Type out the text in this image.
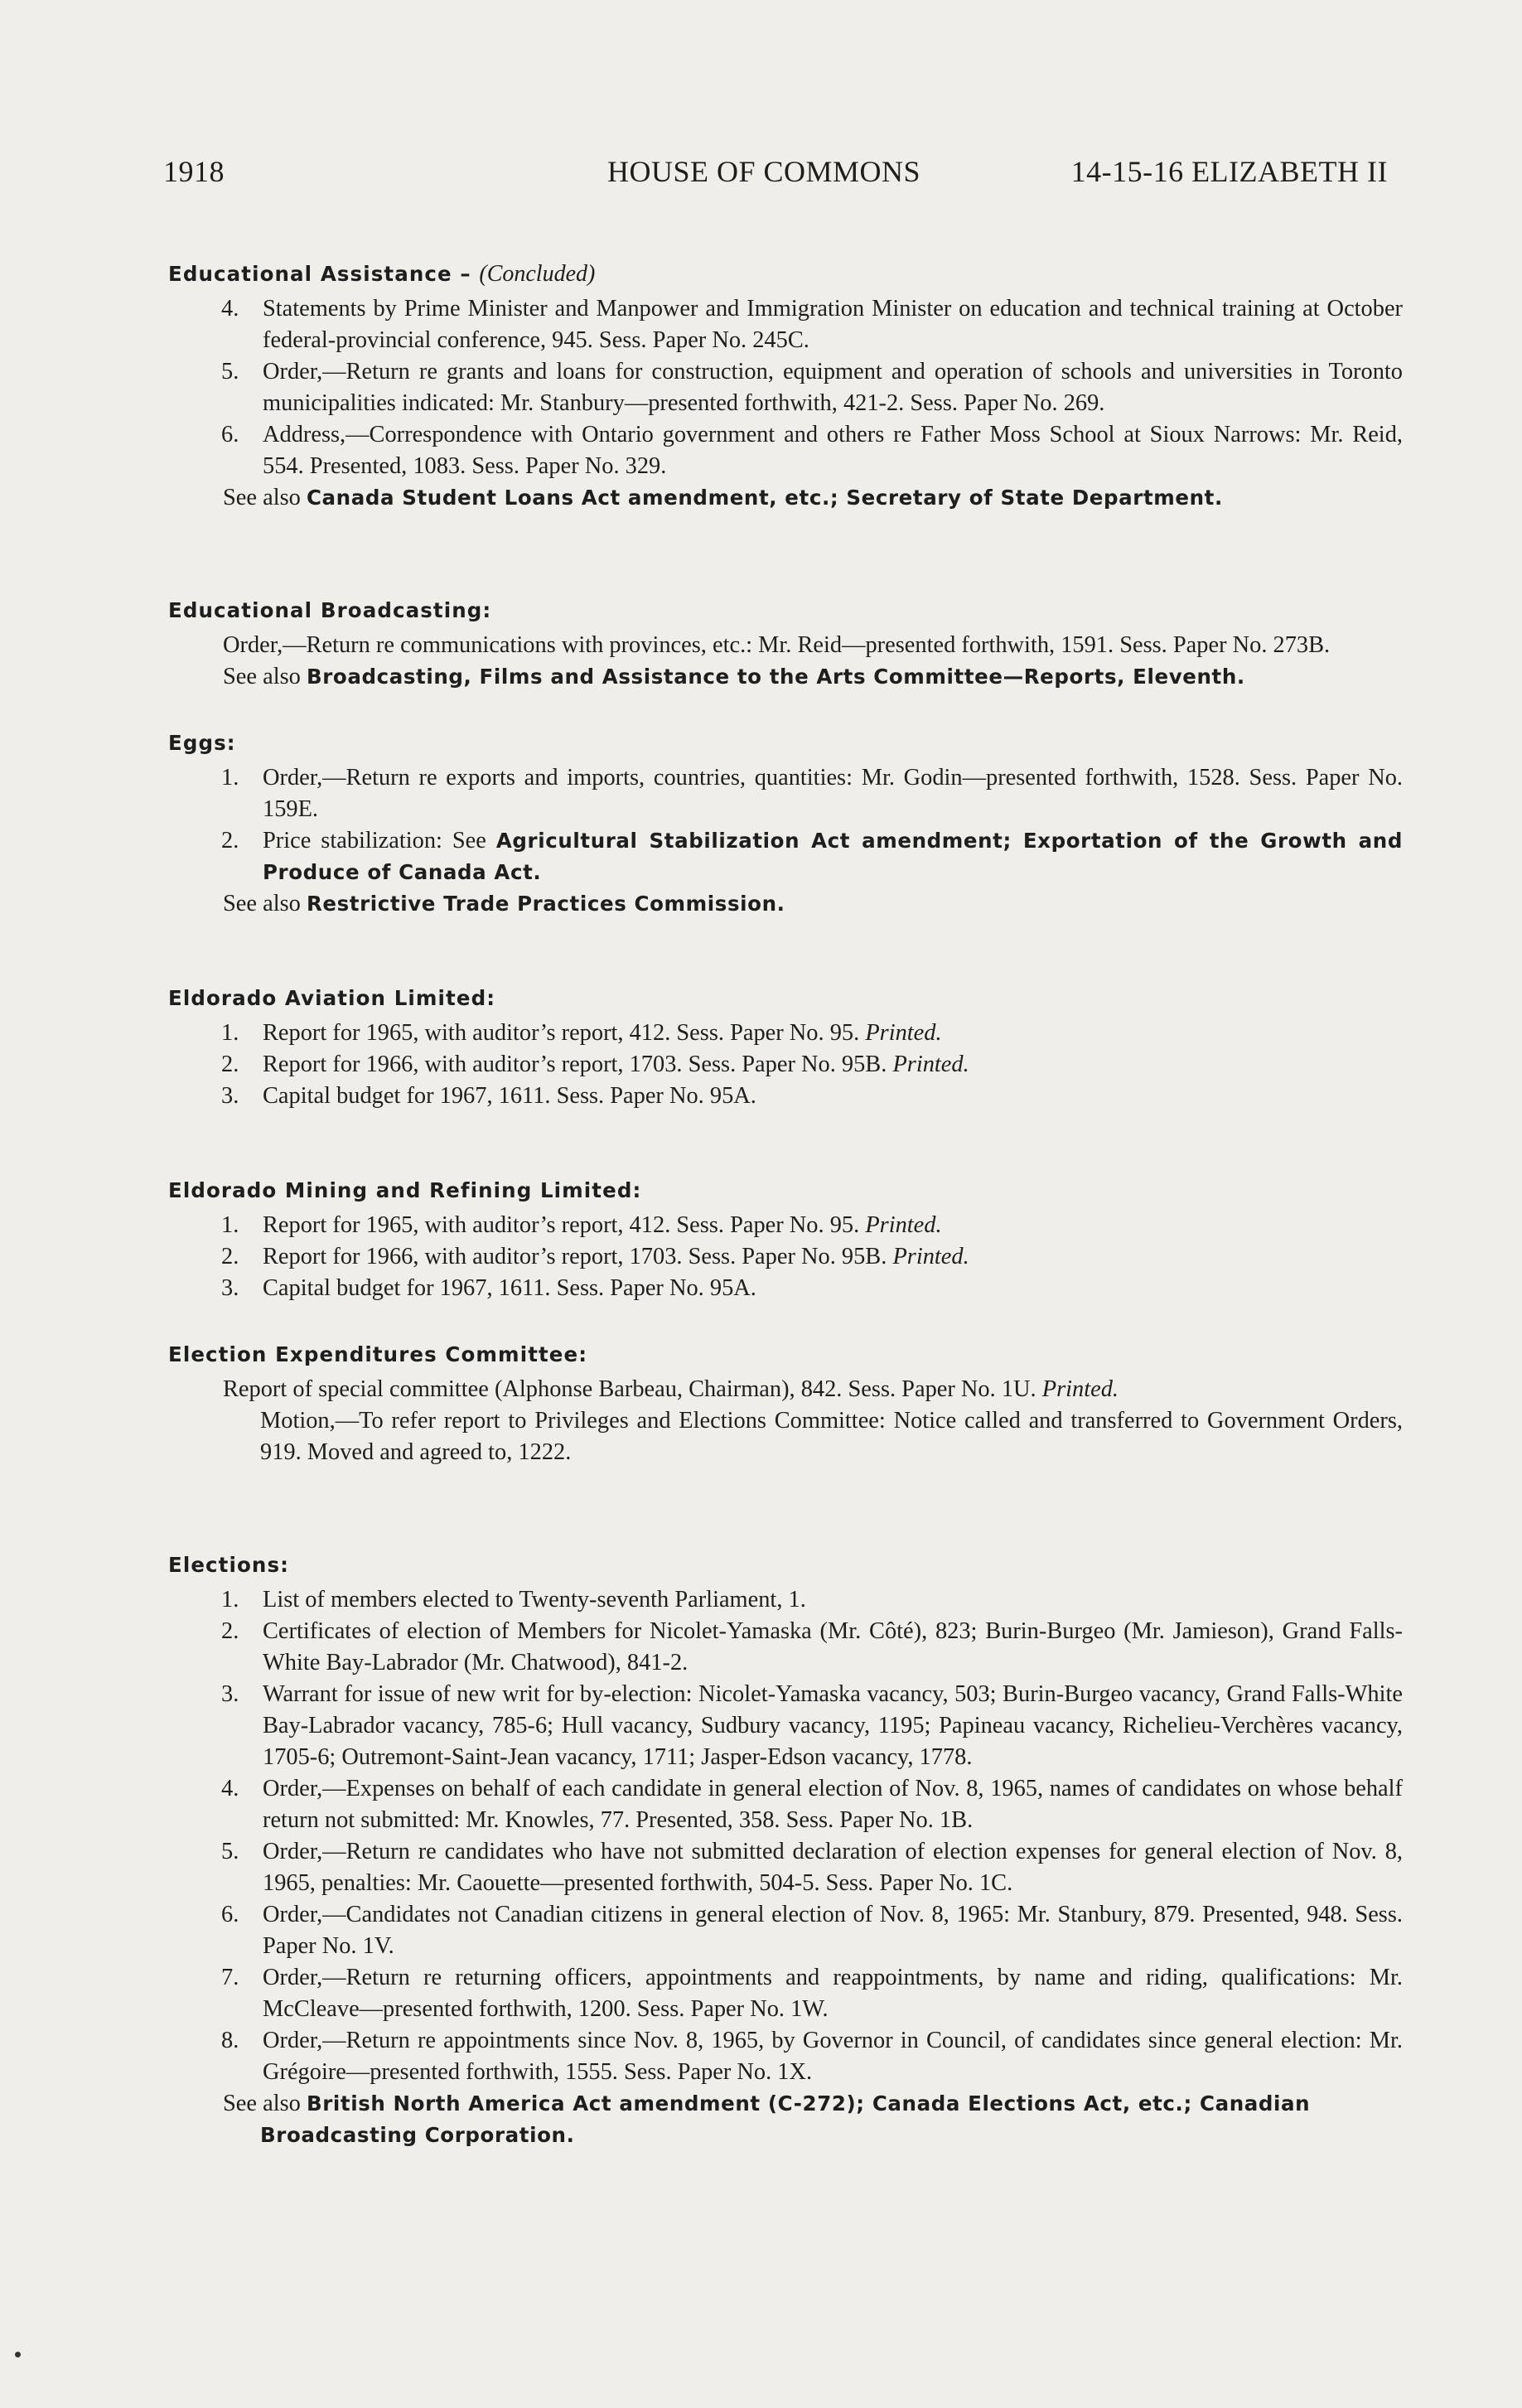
1918	HOUSE OF COMMONS	14-15-16 ELIZABETH II
Educational Assistance – (Concluded)
4. Statements by Prime Minister and Manpower and Immigration Minister on education and technical training at October federal-provincial conference, 945. Sess. Paper No. 245C.
5. Order,—Return re grants and loans for construction, equipment and operation of schools and universities in Toronto municipalities indicated: Mr. Stanbury—presented forthwith, 421-2. Sess. Paper No. 269.
6. Address,—Correspondence with Ontario government and others re Father Moss School at Sioux Narrows: Mr. Reid, 554. Presented, 1083. Sess. Paper No. 329.
See also Canada Student Loans Act amendment, etc.; Secretary of State Department.
Educational Broadcasting:
Order,—Return re communications with provinces, etc.: Mr. Reid—presented forthwith, 1591. Sess. Paper No. 273B.
See also Broadcasting, Films and Assistance to the Arts Committee—Reports, Eleventh.
Eggs:
1. Order,—Return re exports and imports, countries, quantities: Mr. Godin—presented forthwith, 1528. Sess. Paper No. 159E.
2. Price stabilization: See Agricultural Stabilization Act amendment; Exportation of the Growth and Produce of Canada Act.
See also Restrictive Trade Practices Commission.
Eldorado Aviation Limited:
1. Report for 1965, with auditor’s report, 412. Sess. Paper No. 95. Printed.
2. Report for 1966, with auditor’s report, 1703. Sess. Paper No. 95B. Printed.
3. Capital budget for 1967, 1611. Sess. Paper No. 95A.
Eldorado Mining and Refining Limited:
1. Report for 1965, with auditor’s report, 412. Sess. Paper No. 95. Printed.
2. Report for 1966, with auditor’s report, 1703. Sess. Paper No. 95B. Printed.
3. Capital budget for 1967, 1611. Sess. Paper No. 95A.
Election Expenditures Committee:
Report of special committee (Alphonse Barbeau, Chairman), 842. Sess. Paper No. 1U. Printed.
Motion,—To refer report to Privileges and Elections Committee: Notice called and transferred to Government Orders, 919. Moved and agreed to, 1222.
Elections:
1. List of members elected to Twenty-seventh Parliament, 1.
2. Certificates of election of Members for Nicolet-Yamaska (Mr. Côté), 823; Burin-Burgeo (Mr. Jamieson), Grand Falls-White Bay-Labrador (Mr. Chatwood), 841-2.
3. Warrant for issue of new writ for by-election: Nicolet-Yamaska vacancy, 503; Burin-Burgeo vacancy, Grand Falls-White Bay-Labrador vacancy, 785-6; Hull vacancy, Sudbury vacancy, 1195; Papineau vacancy, Richelieu-Verchères vacancy, 1705-6; Outremont-Saint-Jean vacancy, 1711; Jasper-Edson vacancy, 1778.
4. Order,—Expenses on behalf of each candidate in general election of Nov. 8, 1965, names of candidates on whose behalf return not submitted: Mr. Knowles, 77. Presented, 358. Sess. Paper No. 1B.
5. Order,—Return re candidates who have not submitted declaration of election expenses for general election of Nov. 8, 1965, penalties: Mr. Caouette—presented forthwith, 504-5. Sess. Paper No. 1C.
6. Order,—Candidates not Canadian citizens in general election of Nov. 8, 1965: Mr. Stanbury, 879. Presented, 948. Sess. Paper No. 1V.
7. Order,—Return re returning officers, appointments and reappointments, by name and riding, qualifications: Mr. McCleave—presented forthwith, 1200. Sess. Paper No. 1W.
8. Order,—Return re appointments since Nov. 8, 1965, by Governor in Council, of candidates since general election: Mr. Grégoire—presented forthwith, 1555. Sess. Paper No. 1X.
See also British North America Act amendment (C-272); Canada Elections Act, etc.; Canadian Broadcasting Corporation.
